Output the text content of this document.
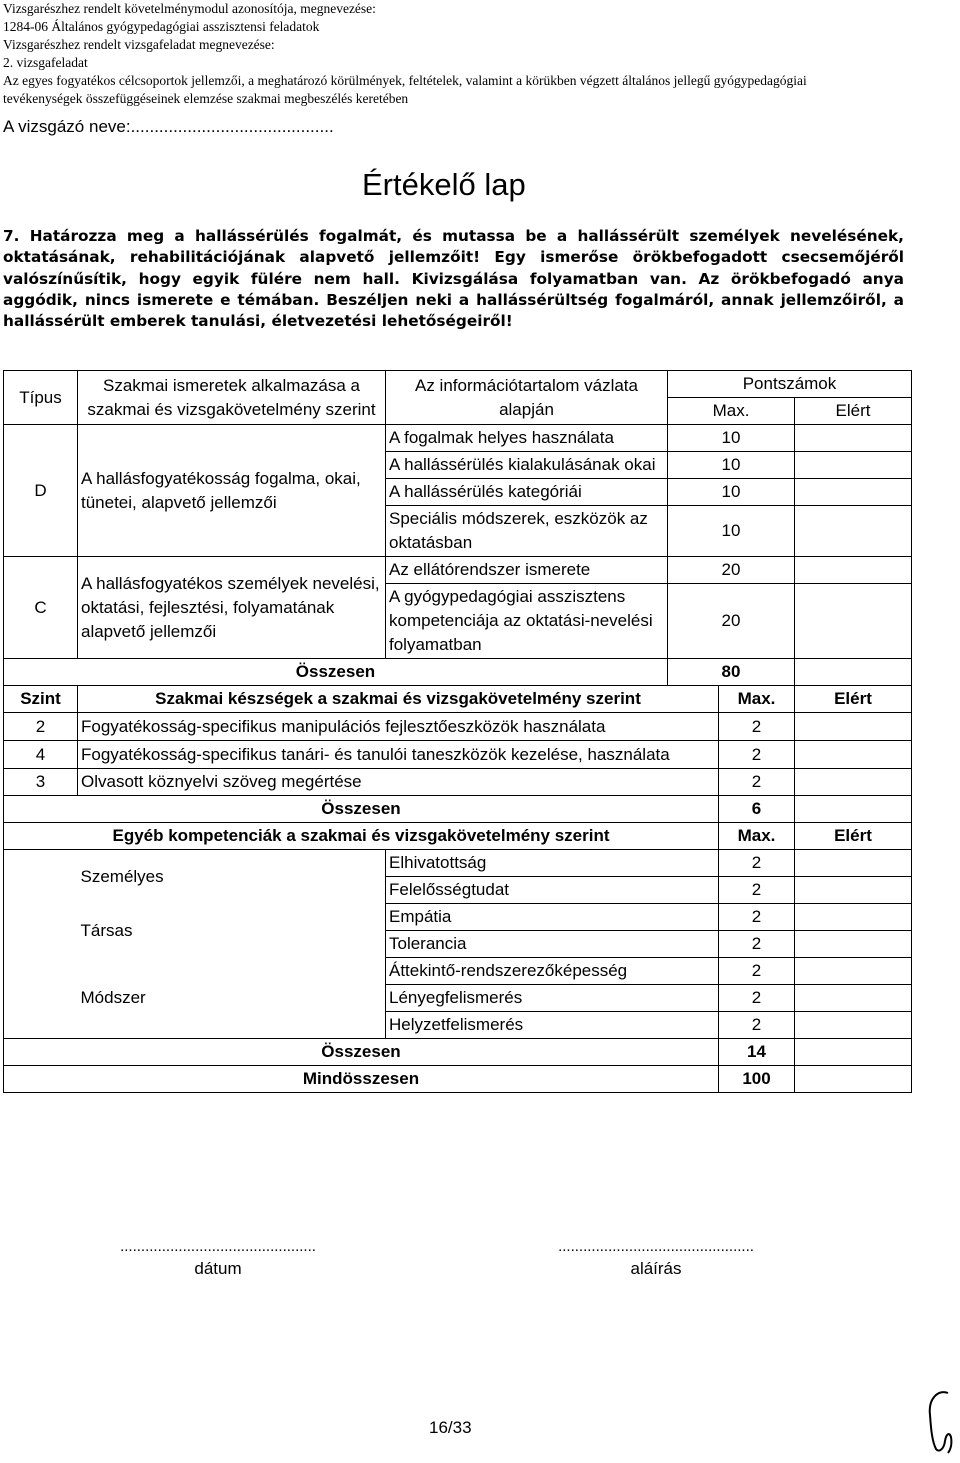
Vizsgarészhez rendelt követelménymodul azonosítója, megnevezése:
1284-06 Általános gyógypedagógiai asszisztensi feladatok
Vizsgarészhez rendelt vizsgafeladat megnevezése:
2. vizsgafeladat
Az egyes fogyatékos célcsoportok jellemzői, a meghatározó körülmények, feltételek, valamint a körükben végzett általános jellegű gyógypedagógiai
tevékenységek összefüggéseinek elemzése szakmai megbeszélés keretében
A vizsgázó neve:...........................................
Értékelő lap
7. Határozza meg a hallássérülés fogalmát, és mutassa be a hallássérült személyek nevelésének, oktatásának, rehabilitációjának alapvető jellemzőit! Egy ismerőse örökbefogadott csecsemőjéről valószínűsítik, hogy egyik fülére nem hall. Kivizsgálása folyamatban van. Az örökbefogadó anya aggódik, nincs ismerete e témában. Beszéljen neki a hallássérültség fogalmáról, annak jellemzőiről, a hallássérült emberek tanulási, életvezetési lehetőségeiről!
Típus	Szakmai ismeretek alkalmazása a szakmai és vizsgakövetelmény szerint	Az információtartalom vázlata alapján	Pontszámok		
			Max.		Elért
D	A hallásfogyatékosság fogalma, okai, tünetei, alapvető jellemzői	A fogalmak helyes használata	10		
		A hallássérülés kialakulásának okai	10		
		A hallássérülés kategóriái	10		
		Speciális módszerek, eszközök az oktatásban	10		
C	A hallásfogyatékos személyek nevelési, oktatási, fejlesztési, folyamatának alapvető jellemzői	Az ellátórendszer ismerete	20		
		A gyógypedagógiai asszisztens kompetenciája az oktatási-nevelési folyamatban	20		
Összesen			80		
Szint	Szakmai készségek a szakmai és vizsgakövetelmény szerint			Max.	Elért
2	Fogyatékosság-specifikus manipulációs fejlesztőeszközök használata			2	
4	Fogyatékosság-specifikus tanári- és tanulói taneszközök kezelése, használata			2	
3	Olvasott köznyelvi szöveg megértése			2	
Összesen				6	
Egyéb kompetenciák a szakmai és vizsgakövetelmény szerint				Max.	Elért
	Személyes	Elhivatottság		2	
		Felelősségtudat		2	
	Társas	Empátia		2	
		Tolerancia		2	
	Módszer	Áttekintő-rendszerezőképesség		2	
		Lényegfelismerés		2	
		Helyzetfelismerés		2	
Összesen				14	
Mindösszesen				100	
...............................................
dátum
...............................................
aláírás
16/33
